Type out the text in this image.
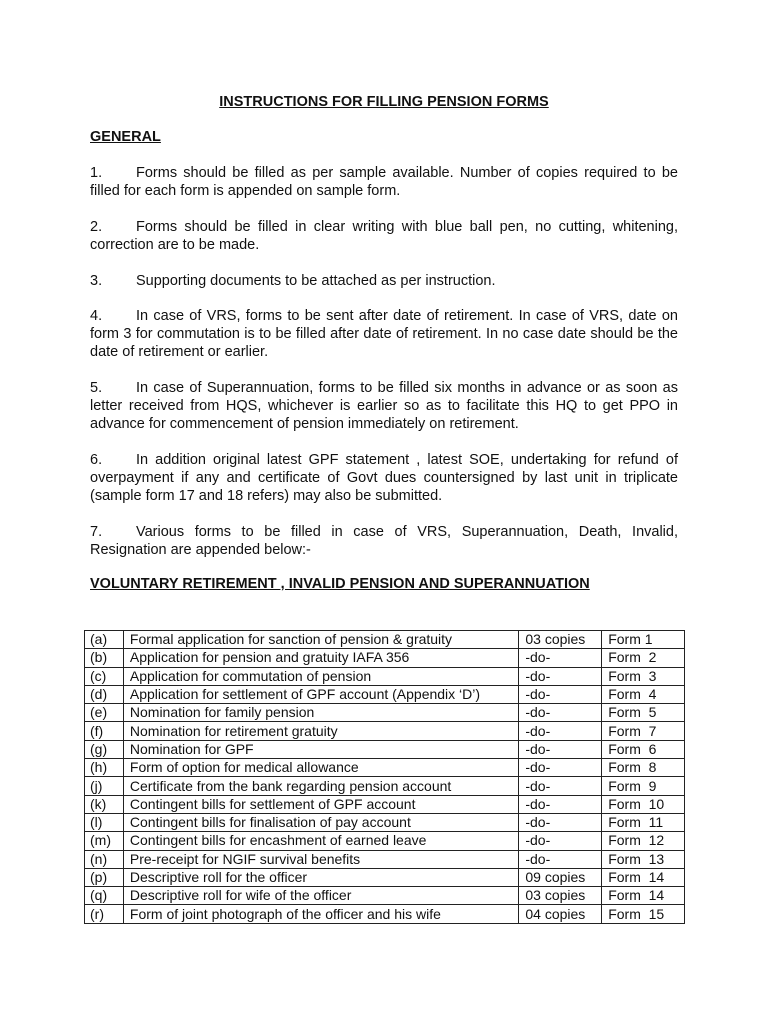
INSTRUCTIONS FOR FILLING PENSION FORMS
GENERAL
1. Forms should be filled as per sample available. Number of copies required to be filled for each form is appended on sample form.
2. Forms should be filled in clear writing with blue ball pen, no cutting, whitening, correction are to be made.
3. Supporting documents to be attached as per instruction.
4. In case of VRS, forms to be sent after date of retirement. In case of VRS, date on form 3 for commutation is to be filled after date of retirement. In no case date should be the date of retirement or earlier.
5. In case of Superannuation, forms to be filled six months in advance or as soon as letter received from HQS, whichever is earlier so as to facilitate this HQ to get PPO in advance for commencement of pension immediately on retirement.
6. In addition original latest GPF statement , latest SOE, undertaking for refund of overpayment if any and certificate of Govt dues countersigned by last unit in triplicate (sample form 17 and 18 refers) may also be submitted.
7. Various forms to be filled in case of VRS, Superannuation, Death, Invalid, Resignation are appended below:-
VOLUNTARY RETIREMENT , INVALID PENSION AND SUPERANNUATION
(a)	Formal application for sanction of pension & gratuity	03 copies	Form 1
(b)	Application for pension and gratuity IAFA 356	-do-	Form  2
(c)	Application for commutation of pension	-do-	Form  3
(d)	Application for settlement of GPF account (Appendix ‘D’)	-do-	Form  4
(e)	Nomination for family pension	-do-	Form  5
(f)	Nomination for retirement gratuity	-do-	Form  7
(g)	Nomination for GPF	-do-	Form  6
(h)	Form of option for medical allowance	-do-	Form  8
(j)	Certificate from the bank regarding pension account	-do-	Form  9
(k)	Contingent bills for settlement of GPF account	-do-	Form  10
(l)	Contingent bills for finalisation of pay account	-do-	Form  11
(m)	Contingent bills for encashment of earned leave	-do-	Form  12
(n)	Pre-receipt for NGIF survival benefits	-do-	Form  13
(p)	Descriptive roll for the officer	09 copies	Form  14
(q)	Descriptive roll for wife of the officer	03 copies	Form  14
(r)	Form of joint photograph of the officer and his wife	04 copies	Form  15
